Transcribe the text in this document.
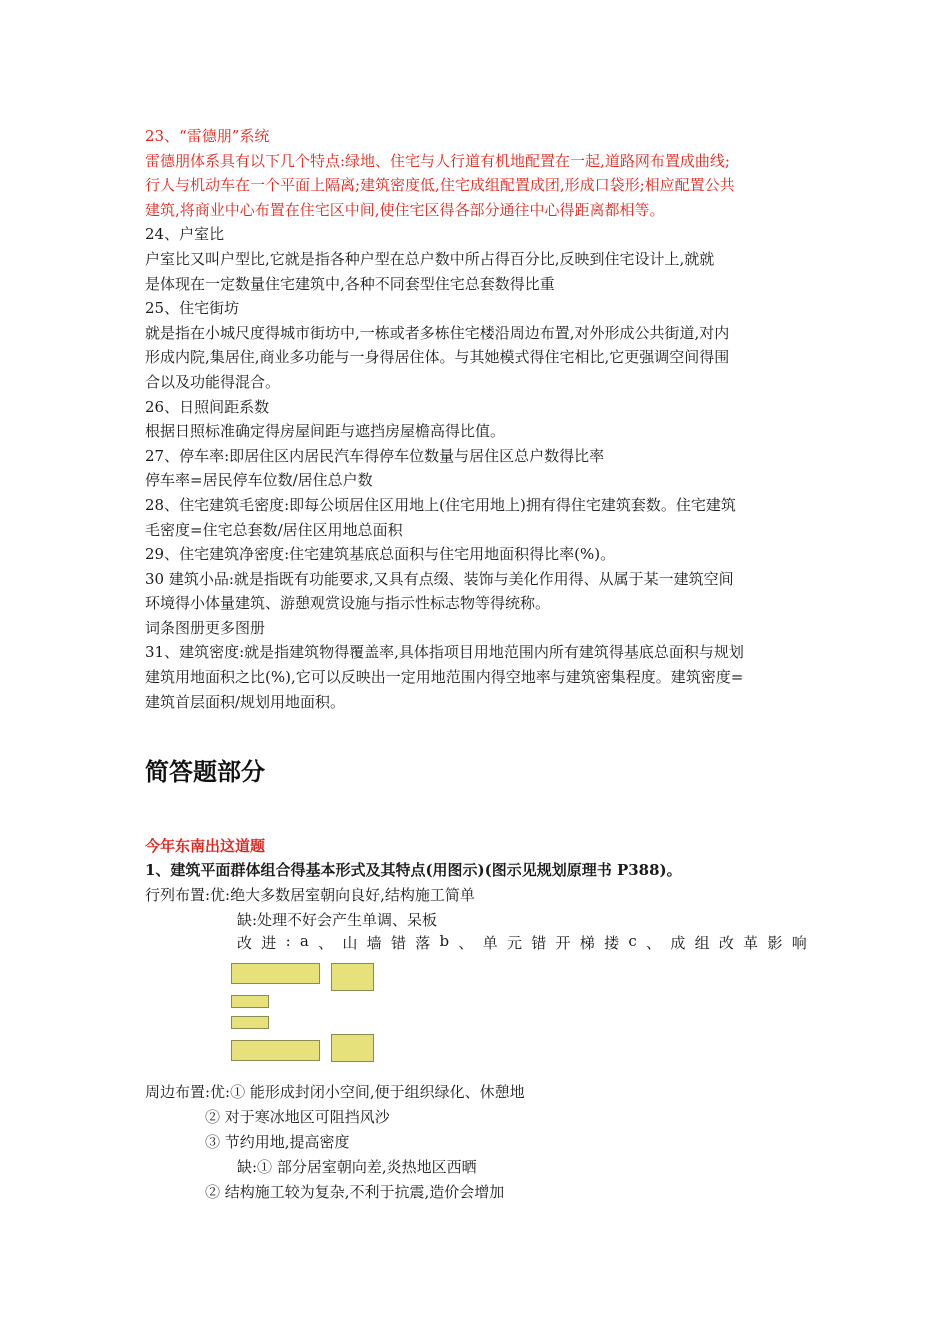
23、“雷德朋”系统
雷德朋体系具有以下几个特点:绿地、住宅与人行道有机地配置在一起,道路网布置成曲线;
行人与机动车在一个平面上隔离;建筑密度低,住宅成组配置成团,形成口袋形;相应配置公共
建筑,将商业中心布置在住宅区中间,使住宅区得各部分通往中心得距离都相等。
24、户室比
户室比又叫户型比,它就是指各种户型在总户数中所占得百分比,反映到住宅设计上,就就
是体现在一定数量住宅建筑中,各种不同套型住宅总套数得比重
25、住宅街坊
就是指在小城尺度得城市街坊中,一栋或者多栋住宅楼沿周边布置,对外形成公共街道,对内
形成内院,集居住,商业多功能与一身得居住体。与其她模式得住宅相比,它更强调空间得围
合以及功能得混合。
26、日照间距系数
根据日照标准确定得房屋间距与遮挡房屋檐高得比值。
27、停车率:即居住区内居民汽车得停车位数量与居住区总户数得比率
停车率=居民停车位数/居住总户数
28、住宅建筑毛密度:即每公顷居住区用地上(住宅用地上)拥有得住宅建筑套数。住宅建筑
毛密度=住宅总套数/居住区用地总面积
29、住宅建筑净密度:住宅建筑基底总面积与住宅用地面积得比率(%)。
30 建筑小品:就是指既有功能要求,又具有点缀、装饰与美化作用得、从属于某一建筑空间
环境得小体量建筑、游憩观赏设施与指示性标志物等得统称。
词条图册更多图册
31、建筑密度:就是指建筑物得覆盖率,具体指项目用地范围内所有建筑得基底总面积与规划
建筑用地面积之比(%),它可以反映出一定用地范围内得空地率与建筑密集程度。建筑密度=
建筑首层面积/规划用地面积。
简答题部分
今年东南出这道题
1、建筑平面群体组合得基本形式及其特点(用图示)(图示见规划原理书 P388)。
行列布置:优:绝大多数居室朝向良好,结构施工简单
缺:处理不好会产生单调、呆板
改 进 : a 、 山 墙 错 落 b 、 单 元 错 开 梯 搂 c 、 成 组 改 革 影 响
周边布置:优:① 能形成封闭小空间,便于组织绿化、休憩地
② 对于寒冰地区可阻挡风沙
③ 节约用地,提高密度
缺:① 部分居室朝向差,炎热地区西晒
② 结构施工较为复杂,不利于抗震,造价会增加
